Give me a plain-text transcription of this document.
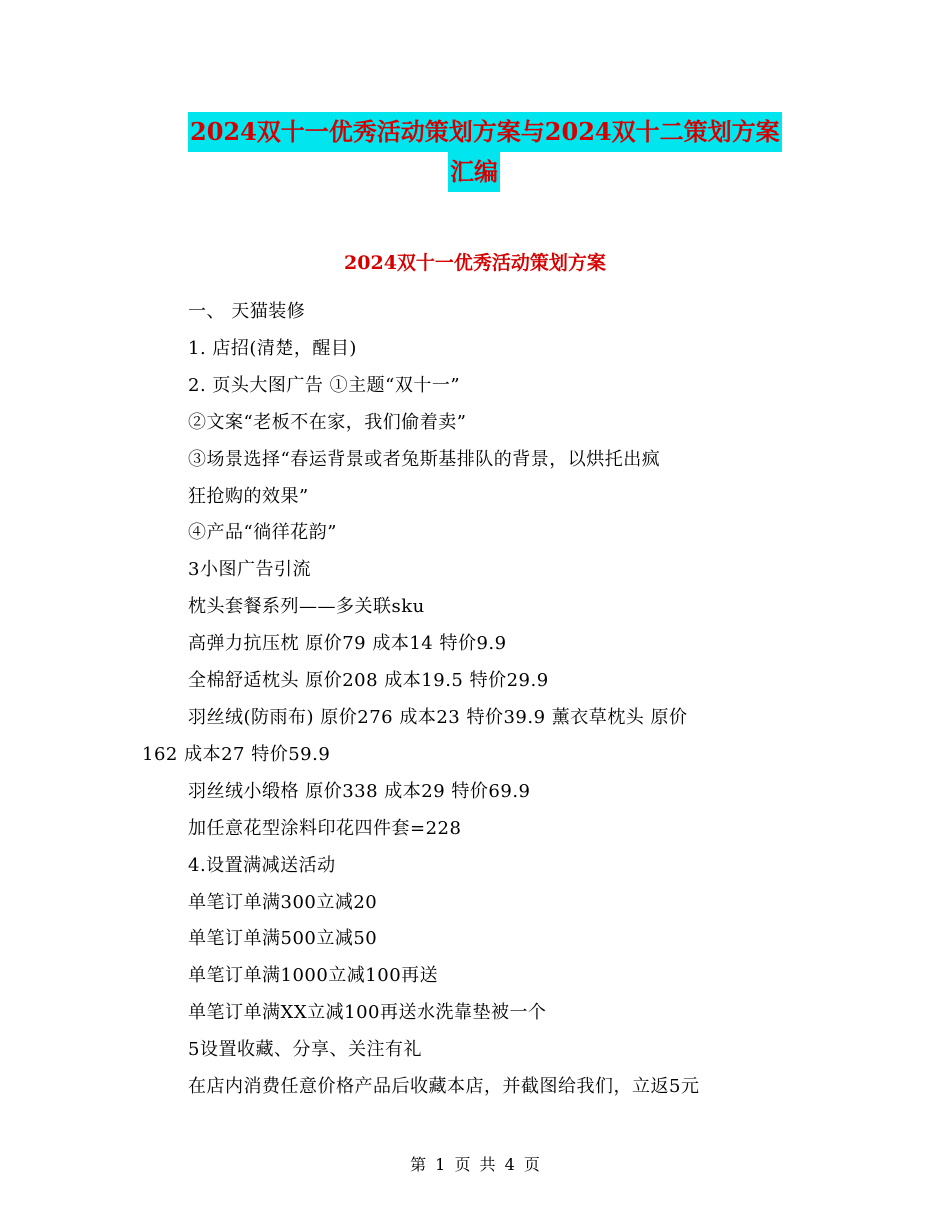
2024双十一优秀活动策划方案与2024双十二策划方案
汇编
2024双十一优秀活动策划方案
一、 天猫装修
1. 店招(清楚，醒目)
2. 页头大图广告 ①主题“双十一”
②文案“老板不在家，我们偷着卖”
③场景选择“春运背景或者兔斯基排队的背景，以烘托出疯
狂抢购的效果”
④产品“徜徉花韵”
3小图广告引流
枕头套餐系列——多关联sku
高弹力抗压枕 原价79 成本14 特价9.9
全棉舒适枕头 原价208 成本19.5 特价29.9
羽丝绒(防雨布) 原价276 成本23 特价39.9 薰衣草枕头 原价
162 成本27 特价59.9
羽丝绒小缎格 原价338 成本29 特价69.9
加任意花型涂料印花四件套=228
4.设置满减送活动
单笔订单满300立减20
单笔订单满500立减50
单笔订单满1000立减100再送
单笔订单满XX立减100再送水洗靠垫被一个
5设置收藏、分享、关注有礼
在店内消费任意价格产品后收藏本店，并截图给我们，立返5元
第 1 页 共 4 页
